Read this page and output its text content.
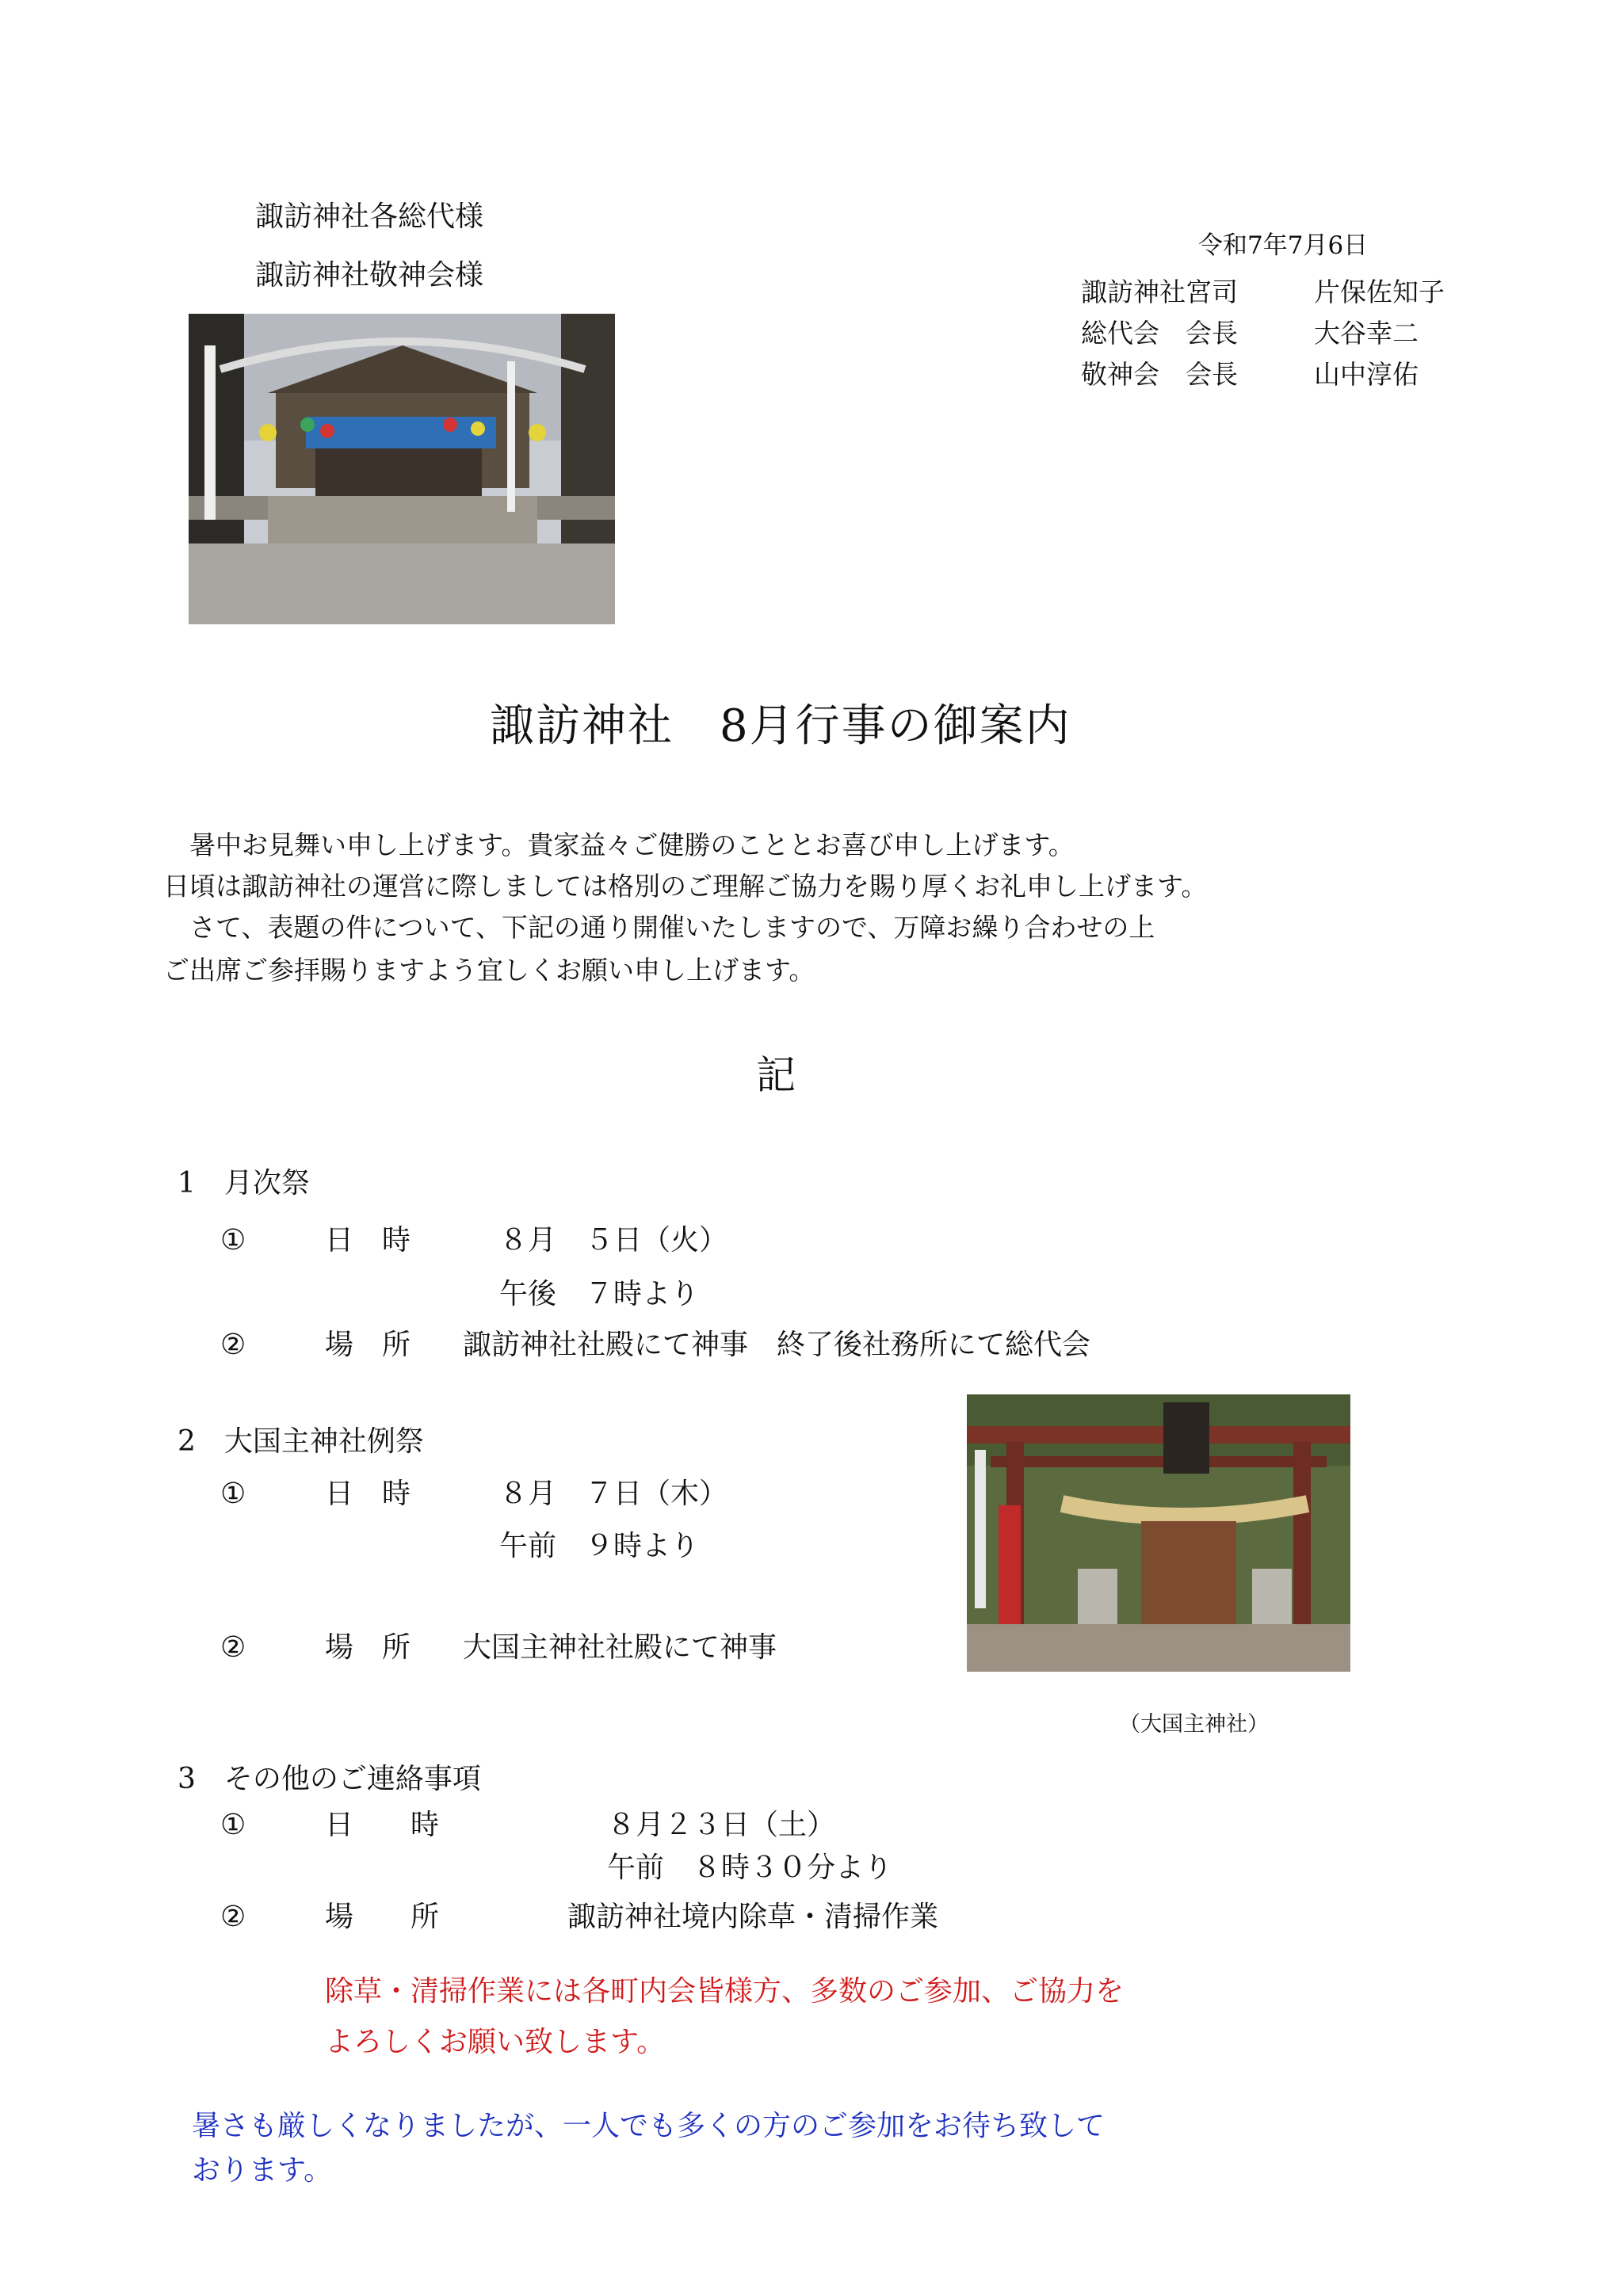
諏訪神社各総代様
諏訪神社敬神会様
令和7年7月6日
諏訪神社宮司	片保佐知子
総代会　会長	大谷幸二
敬神会　会長	山中淳佑
諏訪神社　8月行事の御案内
　暑中お見舞い申し上げます。貴家益々ご健勝のこととお喜び申し上げます。
日頃は諏訪神社の運営に際しましては格別のご理解ご協力を賜り厚くお礼申し上げます。
　さて、表題の件について、下記の通り開催いたしますので、万障お繰り合わせの上
ご出席ご参拝賜りますよう宜しくお願い申し上げます。
記
1　月次祭
①	日　時	８月　５日（火）
午後　７時より
②	場　所 諏訪神社社殿にて神事　終了後社務所にて総代会
2　大国主神社例祭
①	日　時	８月　７日（木）
午前　９時より
②	場　所 大国主神社社殿にて神事
（大国主神社）
3　その他のご連絡事項
①	日　　時	８月２３日（土）
午前　８時３０分より
②	場　　所	諏訪神社境内除草・清掃作業
除草・清掃作業には各町内会皆様方、多数のご参加、ご協力を
よろしくお願い致します。
暑さも厳しくなりましたが、一人でも多くの方のご参加をお待ち致して
おります。
